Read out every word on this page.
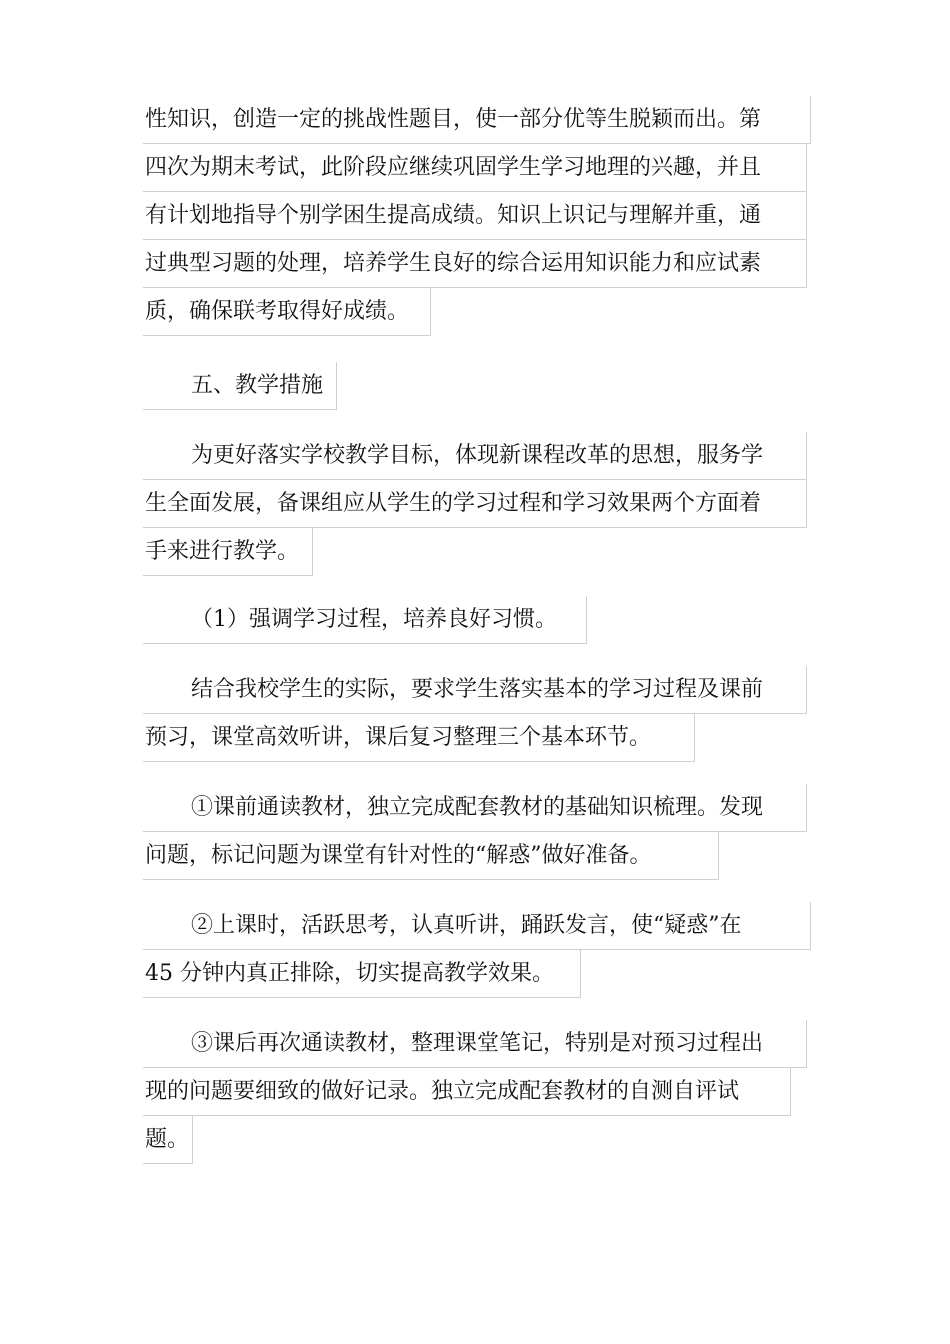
性知识，创造一定的挑战性题目，使一部分优等生脱颖而出。第
四次为期末考试，此阶段应继续巩固学生学习地理的兴趣，并且
有计划地指导个别学困生提高成绩。知识上识记与理解并重，通
过典型习题的处理，培养学生良好的综合运用知识能力和应试素
质，确保联考取得好成绩。
五、教学措施
为更好落实学校教学目标，体现新课程改革的思想，服务学
生全面发展，备课组应从学生的学习过程和学习效果两个方面着
手来进行教学。
（1）强调学习过程，培养良好习惯。
结合我校学生的实际，要求学生落实基本的学习过程及课前
预习，课堂高效听讲，课后复习整理三个基本环节。
①课前通读教材，独立完成配套教材的基础知识梳理。发现
问题，标记问题为课堂有针对性的“解惑”做好准备。
②上课时，活跃思考，认真听讲，踊跃发言，使“疑惑”在
45 分钟内真正排除，切实提高教学效果。
③课后再次通读教材，整理课堂笔记，特别是对预习过程出
现的问题要细致的做好记录。独立完成配套教材的自测自评试
题。
